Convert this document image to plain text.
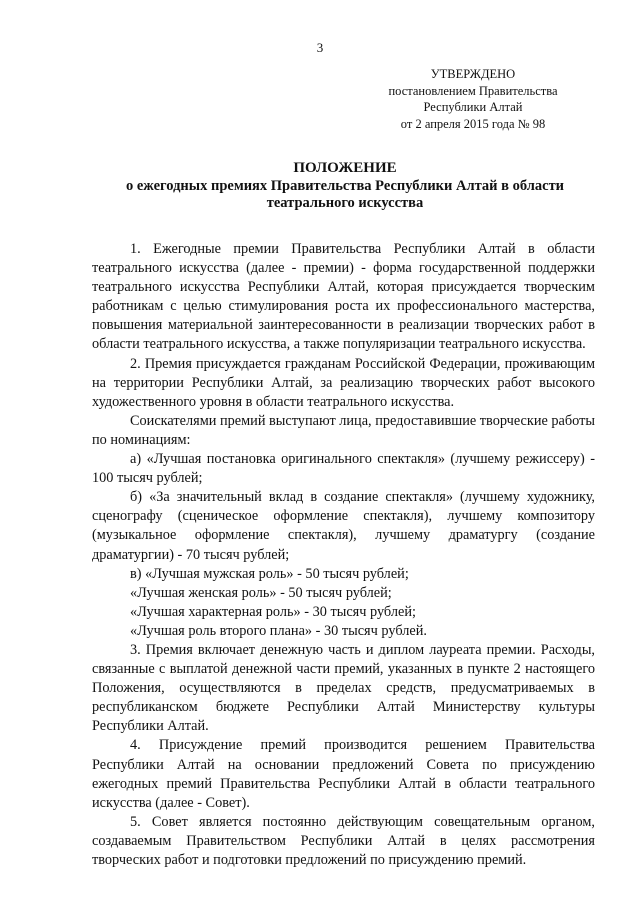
3
УТВЕРЖДЕНО
постановлением Правительства
Республики Алтай
от 2 апреля 2015 года № 98
ПОЛОЖЕНИЕ
о ежегодных премиях Правительства Республики Алтай в области
театрального искусства

1. Ежегодные премии Правительства Республики Алтай в области театрального искусства (далее - премии) - форма государственной поддержки театрального искусства Республики Алтай, которая присуждается творческим работникам с целью стимулирования роста их профессионального мастерства, повышения материальной заинтересованности в реализации творческих работ в области театрального искусства, а также популяризации театрального искусства.

2. Премия присуждается гражданам Российской Федерации, проживающим на территории Республики Алтай, за реализацию творческих работ высокого художественного уровня в области театрального искусства.

Соискателями премий выступают лица, предоставившие творческие работы по номинациям:

а) «Лучшая постановка оригинального спектакля» (лучшему режиссеру) - 100 тысяч рублей;

б) «За значительный вклад в создание спектакля» (лучшему художнику, сценографу (сценическое оформление спектакля), лучшему композитору (музыкальное оформление спектакля), лучшему драматургу (создание драматургии) - 70 тысяч рублей;

в) «Лучшая мужская роль» - 50 тысяч рублей;

«Лучшая женская роль» - 50 тысяч рублей;

«Лучшая характерная роль» - 30 тысяч рублей;

«Лучшая роль второго плана» - 30 тысяч рублей.

3. Премия включает денежную часть и диплом лауреата премии. Расходы, связанные с выплатой денежной части премий, указанных в пункте 2 настоящего Положения, осуществляются в пределах средств, предусматриваемых в республиканском бюджете Республики Алтай Министерству культуры Республики Алтай.

4. Присуждение премий производится решением Правительства Республики Алтай на основании предложений Совета по присуждению ежегодных премий Правительства Республики Алтай в области театрального искусства (далее - Совет).

5. Совет является постоянно действующим совещательным органом, создаваемым Правительством Республики Алтай в целях рассмотрения творческих работ и подготовки предложений по присуждению премий.
